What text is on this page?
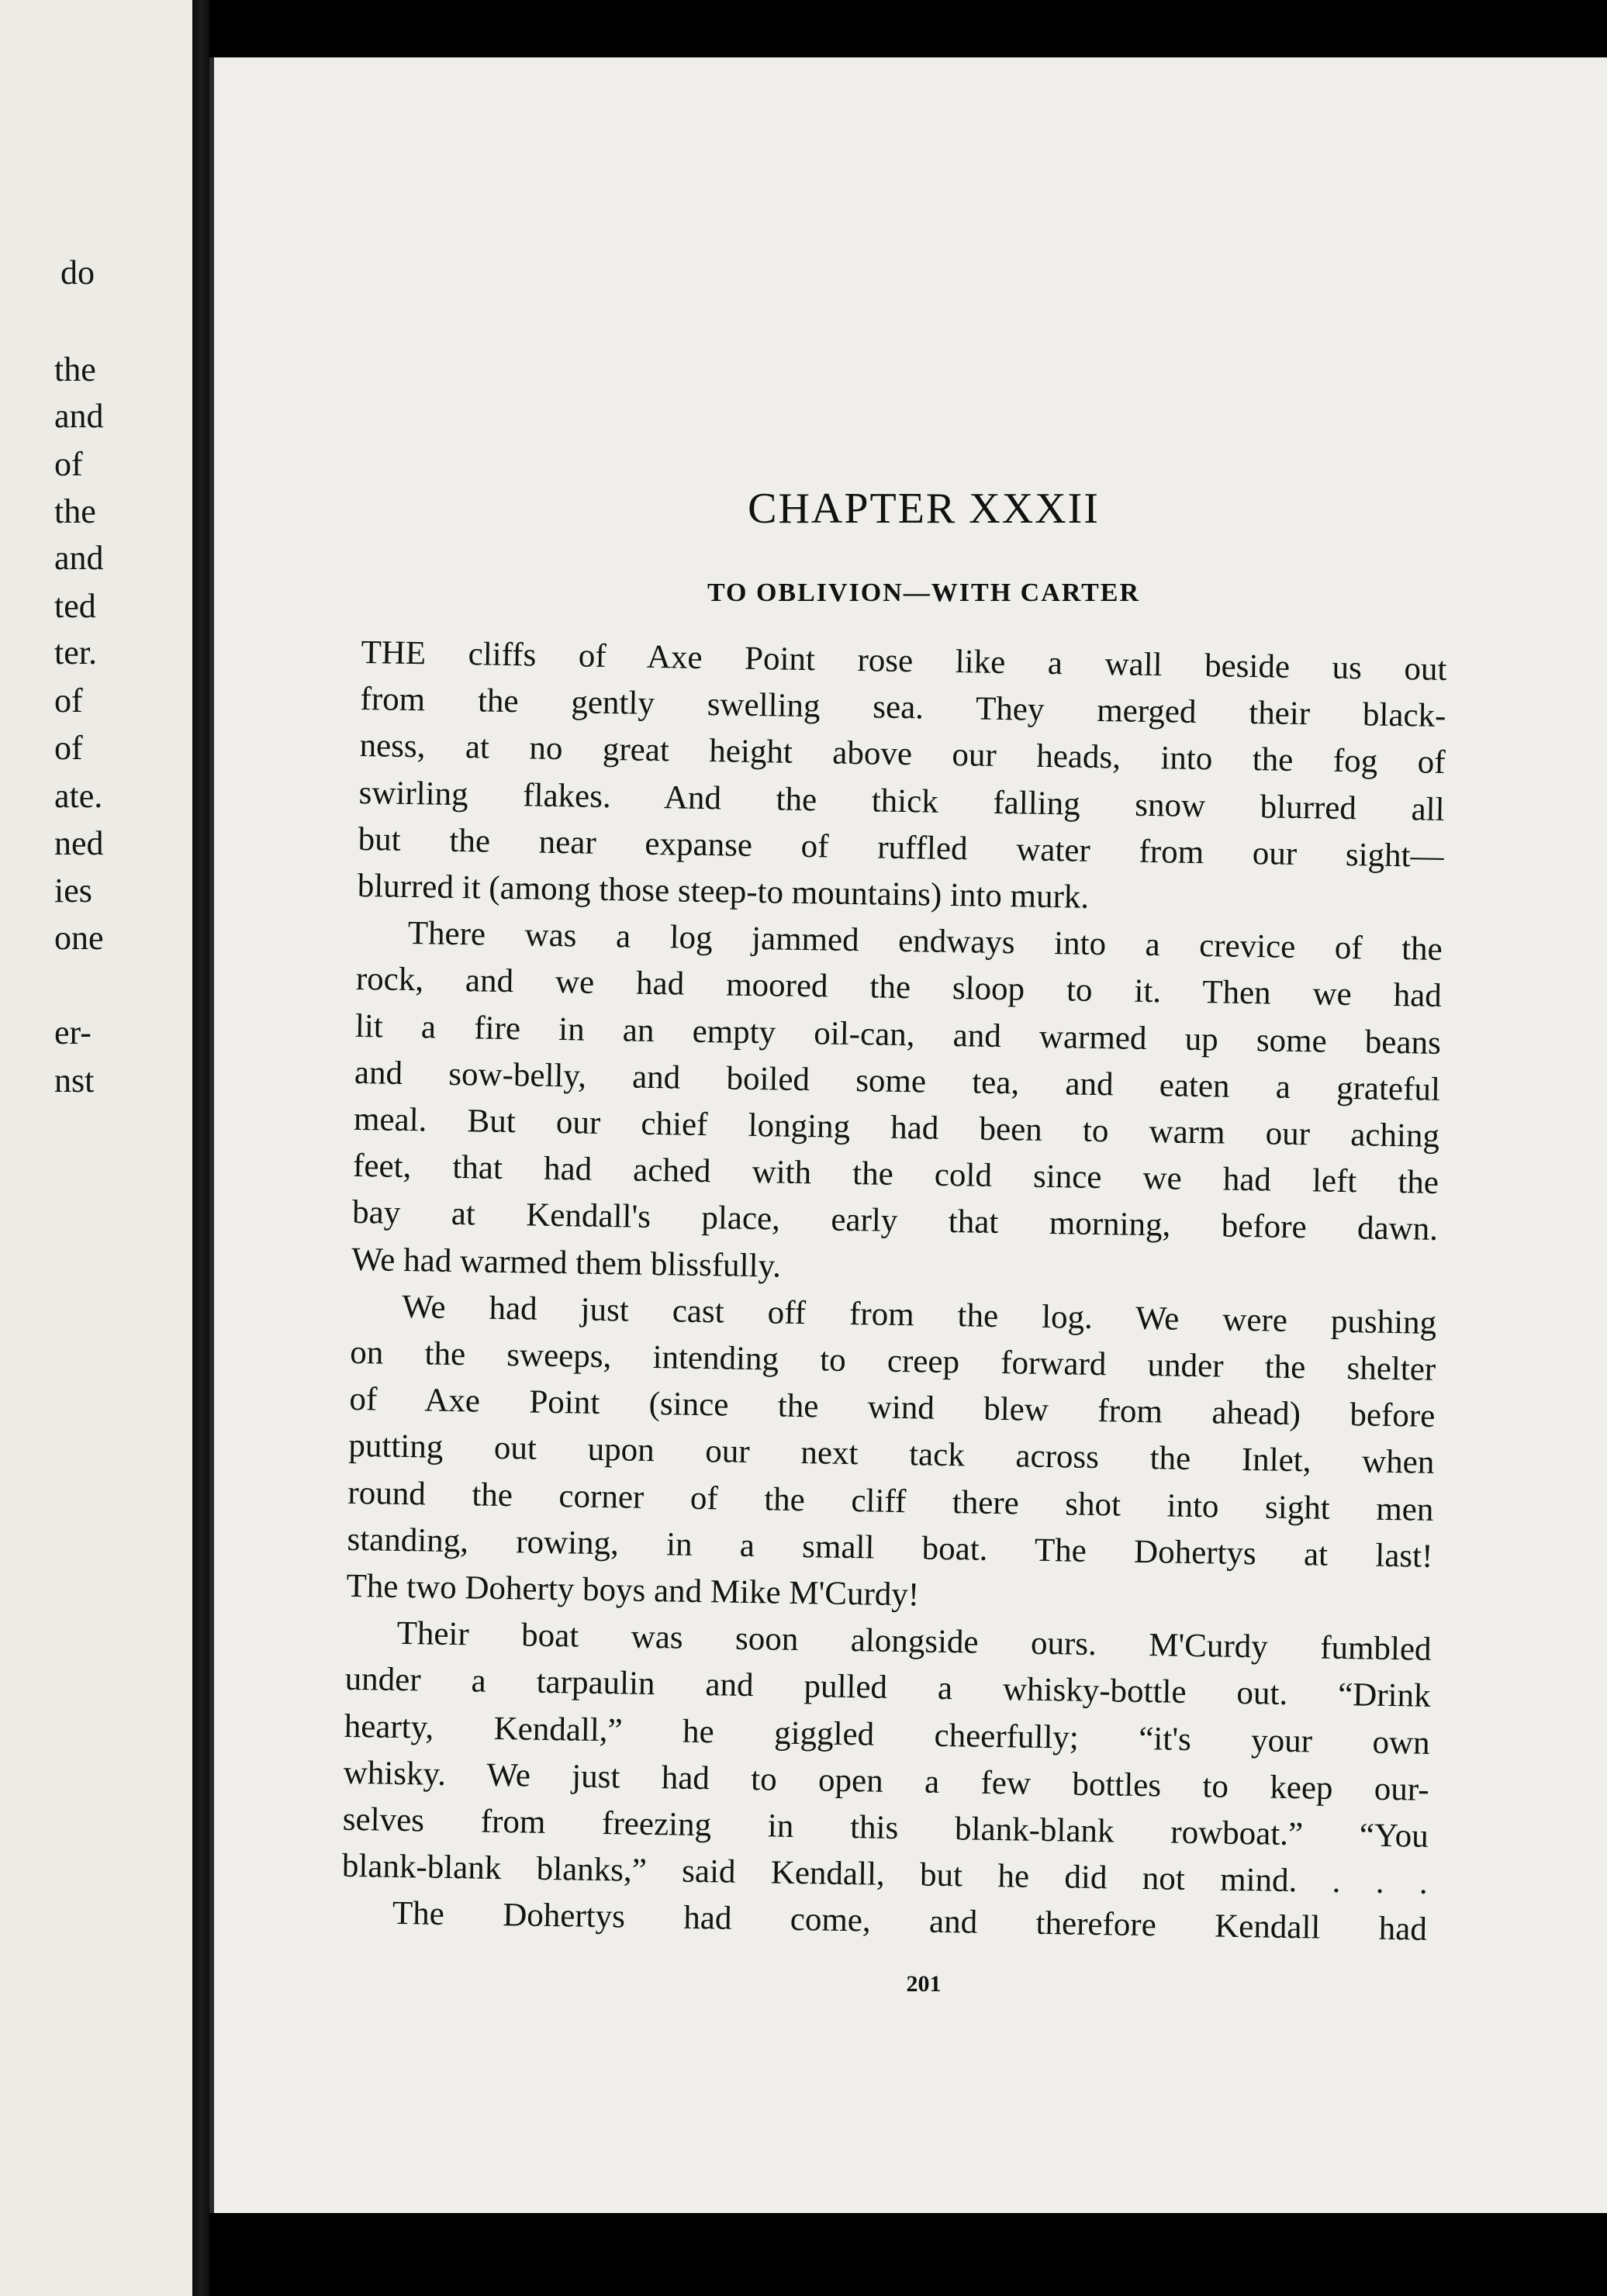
do
the
and
of
the
and
ted
ter.
of
of
ate.
ned
ies
one
er-
nst
CHAPTER XXXII
TO OBLIVION—WITH CARTER

THE cliffs of Axe Point rose like a wall beside us out
from the gently swelling sea. They merged their black-
ness, at no great height above our heads, into the fog of
swirling flakes. And the thick falling snow blurred all
but the near expanse of ruffled water from our sight—
blurred it (among those steep-to mountains) into murk.

There was a log jammed endways into a crevice of the
rock, and we had moored the sloop to it. Then we had
lit a fire in an empty oil-can, and warmed up some beans
and sow-belly, and boiled some tea, and eaten a grateful
meal. But our chief longing had been to warm our aching
feet, that had ached with the cold since we had left the
bay at Kendall's place, early that morning, before dawn.
We had warmed them blissfully.

We had just cast off from the log. We were pushing
on the sweeps, intending to creep forward under the shelter
of Axe Point (since the wind blew from ahead) before
putting out upon our next tack across the Inlet, when
round the corner of the cliff there shot into sight men
standing, rowing, in a small boat. The Dohertys at last!
The two Doherty boys and Mike M'Curdy!

Their boat was soon alongside ours. M'Curdy fumbled
under a tarpaulin and pulled a whisky-bottle out. “Drink
hearty, Kendall,” he giggled cheerfully; “it's your own
whisky. We just had to open a few bottles to keep our-
selves from freezing in this blank-blank rowboat.” “You
blank-blank blanks,” said Kendall, but he did not mind. . . .

The Dohertys had come, and therefore Kendall had

201
